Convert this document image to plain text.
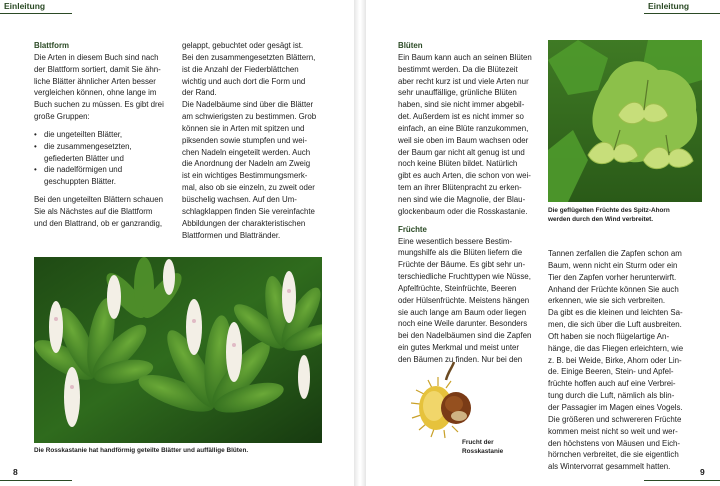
Einleitung
Blattform
Die Arten in diesem Buch sind nach
der Blattform sortiert, damit Sie ähn-
liche Blätter ähnlicher Arten besser
vergleichen können, ohne lange im
Buch suchen zu müssen. Es gibt drei
große Gruppen:
• die ungeteilten Blätter,
• die zusammengesetzten,
gefiederten Blätter und
• die nadelförmigen und
geschuppten Blätter.
Bei den ungeteilten Blättern schauen
Sie als Nächstes auf die Blattform
und den Blattrand, ob er ganzrandig,
gelappt, gebuchtet oder gesägt ist.
Bei den zusammengesetzten Blättern,
ist die Anzahl der Fiederblättchen
wichtig und auch dort die Form und
der Rand.
Die Nadelbäume sind über die Blätter
am schwierigsten zu bestimmen. Grob
können sie in Arten mit spitzen und
piksenden sowie stumpfen und wei-
chen Nadeln eingeteilt werden. Auch
die Anordnung der Nadeln am Zweig
ist ein wichtiges Bestimmungsmerk-
mal, also ob sie einzeln, zu zweit oder
büschelig wachsen. Auf den Um-
schlagklappen finden Sie vereinfachte
Abbildungen der charakteristischen
Blattformen und Blattränder.
Die Rosskastanie hat handförmig geteilte Blätter und auffällige Blüten.
8
Einleitung
Blüten
Ein Baum kann auch an seinen Blüten
bestimmt werden. Da die Blütezeit
aber recht kurz ist und viele Arten nur
sehr unauffällige, grünliche Blüten
haben, sind sie nicht immer abgebil-
det. Außerdem ist es nicht immer so
einfach, an eine Blüte ranzukommen,
weil sie oben im Baum wachsen oder
der Baum gar nicht alt genug ist und
noch keine Blüten bildet. Natürlich
gibt es auch Arten, die schon von wei-
tem an ihrer Blütenpracht zu erken-
nen sind wie die Magnolie, der Blau-
glockenbaum oder die Rosskastanie.
Früchte
Eine wesentlich bessere Bestim-
mungshilfe als die Blüten liefern die
Früchte der Bäume. Es gibt sehr un-
terschiedliche Fruchttypen wie Nüsse,
Apfelfrüchte, Steinfrüchte, Beeren
oder Hülsenfrüchte. Meistens hängen
sie auch lange am Baum oder liegen
noch eine Weile darunter. Besonders
bei den Nadelbäumen sind die Zapfen
ein gutes Merkmal und meist unter
den Bäumen zu finden. Nur bei den
Frucht der
Rosskastanie
Die geflügelten Früchte des Spitz-Ahorn
werden durch den Wind verbreitet.
Tannen zerfallen die Zapfen schon am
Baum, wenn nicht ein Sturm oder ein
Tier den Zapfen vorher herunterwirft.
Anhand der Früchte können Sie auch
erkennen, wie sie sich verbreiten.
Da gibt es die kleinen und leichten Sa-
men, die sich über die Luft ausbreiten.
Oft haben sie noch flügelartige An-
hänge, die das Fliegen erleichtern, wie
z. B. bei Weide, Birke, Ahorn oder Lin-
de. Einige Beeren, Stein- und Apfel-
früchte hoffen auch auf eine Verbrei-
tung durch die Luft, nämlich als blin-
der Passagier im Magen eines Vogels.
Die größeren und schwereren Früchte
kommen meist nicht so weit und wer-
den höchstens von Mäusen und Eich-
hörnchen verbreitet, die sie eigentlich
als Wintervorrat gesammelt hatten.
9
